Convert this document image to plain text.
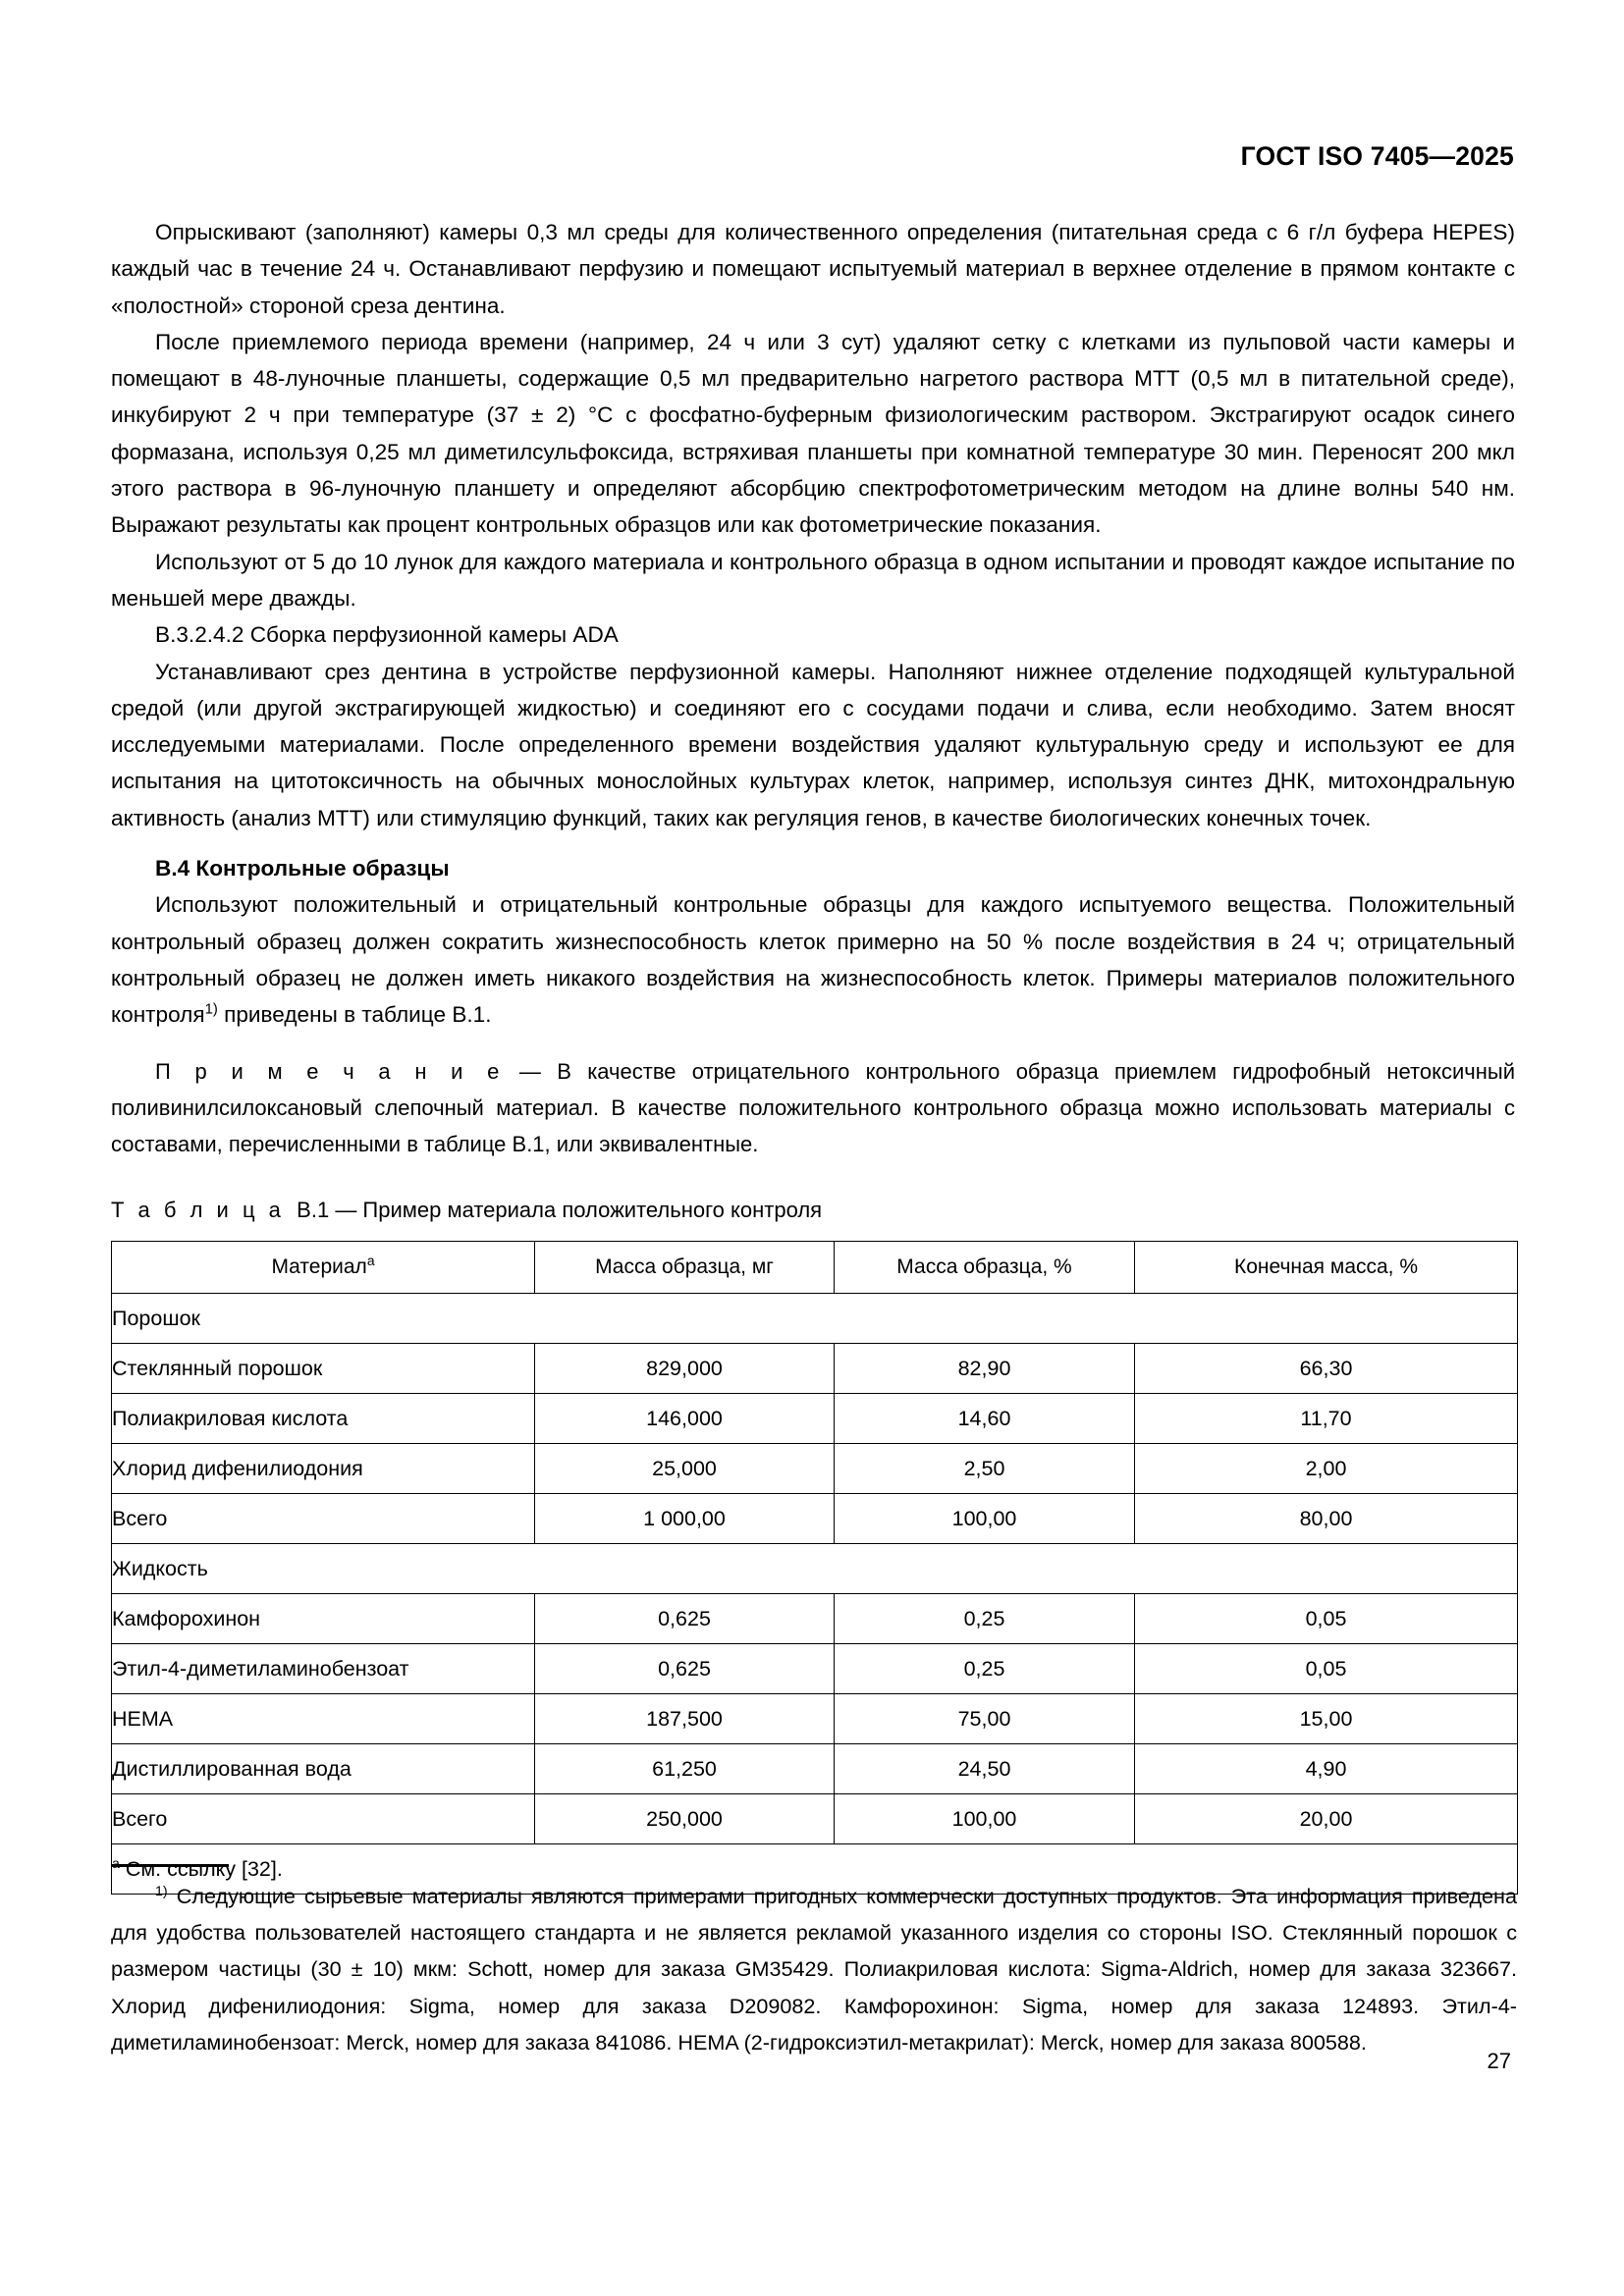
ГОСТ ISO 7405—2025

Опрыскивают (заполняют) камеры 0,3 мл среды для количественного определения (питательная среда с 6 г/л буфера HEPES) каждый час в течение 24 ч. Останавливают перфузию и помещают испытуемый материал в верхнее отделение в прямом контакте с «полостной» стороной среза дентина.

После приемлемого периода времени (например, 24 ч или 3 сут) удаляют сетку с клетками из пульповой части камеры и помещают в 48-луночные планшеты, содержащие 0,5 мл предварительно нагретого раствора МТТ (0,5 мл в питательной среде), инкубируют 2 ч при температуре (37 ± 2) °C с фосфатно-буферным физиологическим раствором. Экстрагируют осадок синего формазана, используя 0,25 мл диметилсульфоксида, встряхивая планшеты при комнатной температуре 30 мин. Переносят 200 мкл этого раствора в 96-луночную планшету и определяют абсорбцию спектрофотометрическим методом на длине волны 540 нм. Выражают результаты как процент контрольных образцов или как фотометрические показания.

Используют от 5 до 10 лунок для каждого материала и контрольного образца в одном испытании и проводят каждое испытание по меньшей мере дважды.

В.3.2.4.2 Сборка перфузионной камеры ADA

Устанавливают срез дентина в устройстве перфузионной камеры. Наполняют нижнее отделение подходящей культуральной средой (или другой экстрагирующей жидкостью) и соединяют его с сосудами подачи и слива, если необходимо. Затем вносят исследуемыми материалами. После определенного времени воздействия удаляют культуральную среду и используют ее для испытания на цитотоксичность на обычных монослойных культурах клеток, например, используя синтез ДНК, митохондральную активность (анализ МТТ) или стимуляцию функций, таких как регуляция генов, в качестве биологических конечных точек.

В.4 Контрольные образцы

Используют положительный и отрицательный контрольные образцы для каждого испытуемого вещества. Положительный контрольный образец должен сократить жизнеспособность клеток примерно на 50 % после воздействия в 24 ч; отрицательный контрольный образец не должен иметь никакого воздействия на жизнеспособность клеток. Примеры материалов положительного контроля$^{1)}$ приведены в таблице В.1.

П р и м е ч а н и е — В качестве отрицательного контрольного образца приемлем гидрофобный нетоксичный поливинилсилоксановый слепочный материал. В качестве положительного контрольного образца можно использовать материалы с составами, перечисленными в таблице В.1, или эквивалентные.

Т а б л и ц а В.1 — Пример материала положительного контроля

Материал$^a$	Масса образца, мг	Масса образца, %	Конечная масса, %
Порошок			
Стеклянный порошок	829,000	82,90	66,30
Полиакриловая кислота	146,000	14,60	11,70
Хлорид дифенилиодония	25,000	2,50	2,00
Всего	1 000,00	100,00	80,00
Жидкость			
Камфорохинон	0,625	0,25	0,05
Этил-4-диметиламинобензоат	0,625	0,25	0,05
HEMA	187,500	75,00	15,00
Дистиллированная вода	61,250	24,50	4,90
Всего	250,000	100,00	20,00
$^a$ См. ссылку [32].			

$^{1)}$ Следующие сырьевые материалы являются примерами пригодных коммерчески доступных продуктов. Эта информация приведена для удобства пользователей настоящего стандарта и не является рекламой указанного изделия со стороны ISO. Стеклянный порошок с размером частицы (30 ± 10) мкм: Schott, номер для заказа GM35429. Полиакриловая кислота: Sigma-Aldrich, номер для заказа 323667. Хлорид дифенилиодония: Sigma, номер для заказа D209082. Камфорохинон: Sigma, номер для заказа 124893. Этил-4-диметиламинобензоат: Merck, номер для заказа 841086. HEMA (2-гидроксиэтил-метакрилат): Merck, номер для заказа 800588.

27
